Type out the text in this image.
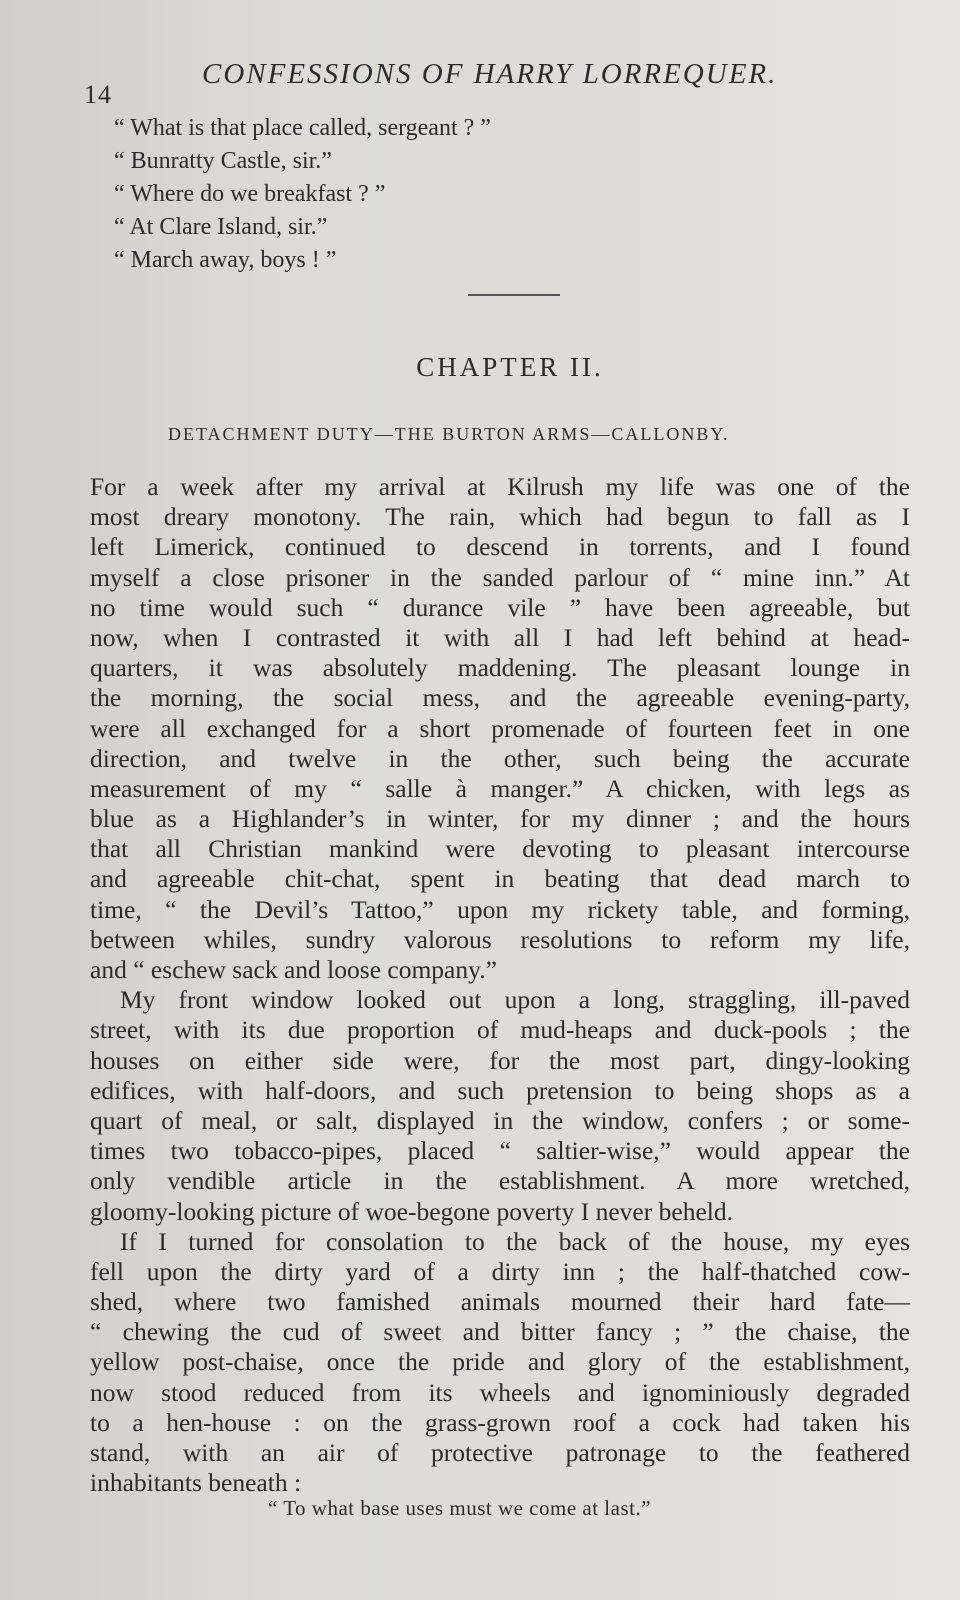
14
CONFESSIONS OF HARRY LORREQUER.
“ What is that place called, sergeant ? ”
“ Bunratty Castle, sir.”
“ Where do we breakfast ? ”
“ At Clare Island, sir.”
“ March away, boys ! ”
CHAPTER II.
DETACHMENT DUTY—THE BURTON ARMS—CALLONBY.
For a week after my arrival at Kilrush my life was one of the
most dreary monotony. The rain, which had begun to fall as I
left Limerick, continued to descend in torrents, and I found
myself a close prisoner in the sanded parlour of “ mine inn.” At
no time would such “ durance vile ” have been agreeable, but
now, when I contrasted it with all I had left behind at head-
quarters, it was absolutely maddening. The pleasant lounge in
the morning, the social mess, and the agreeable evening-party,
were all exchanged for a short promenade of fourteen feet in one
direction, and twelve in the other, such being the accurate
measurement of my “ salle à manger.” A chicken, with legs as
blue as a Highlander’s in winter, for my dinner ; and the hours
that all Christian mankind were devoting to pleasant intercourse
and agreeable chit-chat, spent in beating that dead march to
time, “ the Devil’s Tattoo,” upon my rickety table, and forming,
between whiles, sundry valorous resolutions to reform my life,
and “ eschew sack and loose company.”
My front window looked out upon a long, straggling, ill-paved
street, with its due proportion of mud-heaps and duck-pools ; the
houses on either side were, for the most part, dingy-looking
edifices, with half-doors, and such pretension to being shops as a
quart of meal, or salt, displayed in the window, confers ; or some-
times two tobacco-pipes, placed “ saltier-wise,” would appear the
only vendible article in the establishment. A more wretched,
gloomy-looking picture of woe-begone poverty I never beheld.
If I turned for consolation to the back of the house, my eyes
fell upon the dirty yard of a dirty inn ; the half-thatched cow-
shed, where two famished animals mourned their hard fate—
“ chewing the cud of sweet and bitter fancy ; ” the chaise, the
yellow post-chaise, once the pride and glory of the establishment,
now stood reduced from its wheels and ignominiously degraded
to a hen-house : on the grass-grown roof a cock had taken his
stand, with an air of protective patronage to the feathered
inhabitants beneath :
“ To what base uses must we come at last.”
